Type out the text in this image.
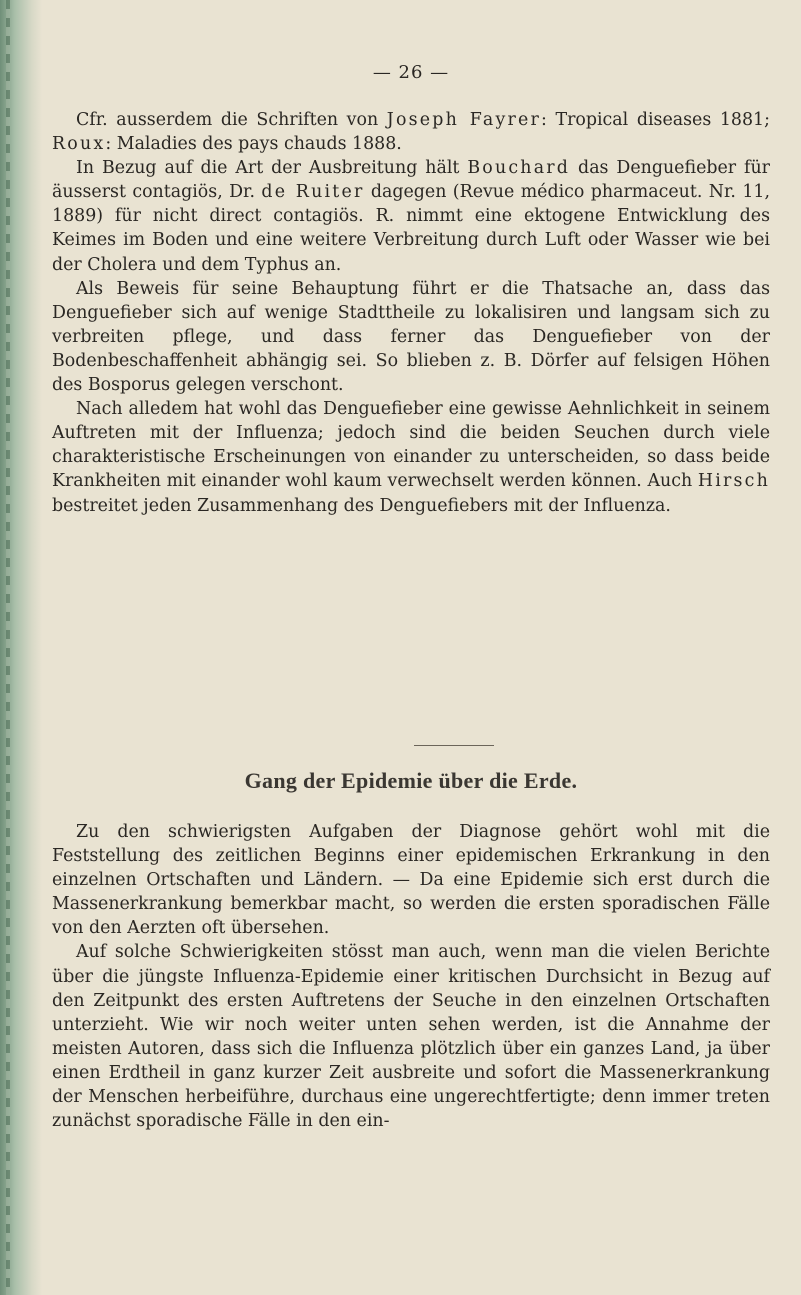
— 26 —

Cfr. ausserdem die Schriften von Joseph Fayrer: Tropical diseases 1881; Roux: Maladies des pays chauds 1888.

In Bezug auf die Art der Ausbreitung hält Bouchard das Denguefieber für äusserst contagiös, Dr. de Ruiter dagegen (Revue médico pharmaceut. Nr. 11, 1889) für nicht direct contagiös. R. nimmt eine ektogene Entwicklung des Keimes im Boden und eine weitere Verbreitung durch Luft oder Wasser wie bei der Cholera und dem Typhus an.

Als Beweis für seine Behauptung führt er die Thatsache an, dass das Denguefieber sich auf wenige Stadttheile zu lokalisiren und langsam sich zu verbreiten pflege, und dass ferner das Denguefieber von der Bodenbeschaffenheit abhängig sei. So blieben z. B. Dörfer auf felsigen Höhen des Bosporus gelegen verschont.

Nach alledem hat wohl das Denguefieber eine gewisse Aehnlichkeit in seinem Auftreten mit der Influenza; jedoch sind die beiden Seuchen durch viele charakteristische Erscheinungen von einander zu unterscheiden, so dass beide Krankheiten mit einander wohl kaum verwechselt werden können. Auch Hirsch bestreitet jeden Zusammenhang des Denguefiebers mit der Influenza.

Gang der Epidemie über die Erde.

Zu den schwierigsten Aufgaben der Diagnose gehört wohl mit die Feststellung des zeitlichen Beginns einer epidemischen Erkrankung in den einzelnen Ortschaften und Ländern. — Da eine Epidemie sich erst durch die Massenerkrankung bemerkbar macht, so werden die ersten sporadischen Fälle von den Aerzten oft übersehen.

Auf solche Schwierigkeiten stösst man auch, wenn man die vielen Berichte über die jüngste Influenza-Epidemie einer kritischen Durchsicht in Bezug auf den Zeitpunkt des ersten Auftretens der Seuche in den einzelnen Ortschaften unterzieht. Wie wir noch weiter unten sehen werden, ist die Annahme der meisten Autoren, dass sich die Influenza plötzlich über ein ganzes Land, ja über einen Erdtheil in ganz kurzer Zeit ausbreite und sofort die Massenerkrankung der Menschen herbeiführe, durchaus eine ungerechtfertigte; denn immer treten zunächst sporadische Fälle in den ein-
